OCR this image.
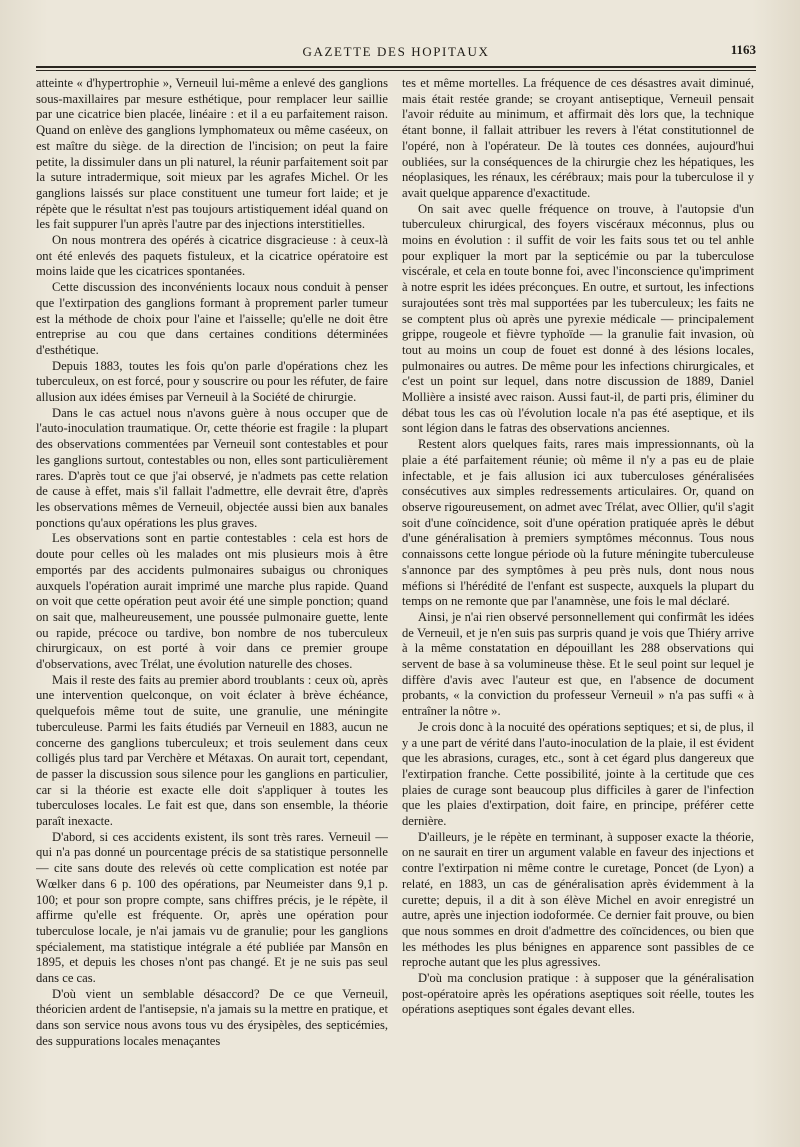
GAZETTE DES HOPITAUX	1163

atteinte « d'hypertrophie », Verneuil lui-même a enlevé des ganglions sous-maxillaires par mesure esthétique, pour remplacer leur saillie par une cicatrice bien placée, linéaire : et il a eu parfaitement raison. Quand on enlève des ganglions lymphomateux ou même caséeux, on est maître du siège. de la direction de l'incision; on peut la faire petite, la dissimuler dans un pli naturel, la réunir parfaitement soit par la suture intradermique, soit mieux par les agrafes Michel. Or les ganglions laissés sur place constituent une tumeur fort laide; et je répète que le résultat n'est pas toujours artistiquement idéal quand on les fait suppurer l'un après l'autre par des injections interstitielles.

On nous montrera des opérés à cicatrice disgracieuse : à ceux-là ont été enlevés des paquets fistuleux, et la cicatrice opératoire est moins laide que les cicatrices spontanées.

Cette discussion des inconvénients locaux nous conduit à penser que l'extirpation des ganglions formant à proprement parler tumeur est la méthode de choix pour l'aine et l'aisselle; qu'elle ne doit être entreprise au cou que dans certaines conditions déterminées d'esthétique.

Depuis 1883, toutes les fois qu'on parle d'opérations chez les tuberculeux, on est forcé, pour y souscrire ou pour les réfuter, de faire allusion aux idées émises par Verneuil à la Société de chirurgie.

Dans le cas actuel nous n'avons guère à nous occuper que de l'auto-inoculation traumatique. Or, cette théorie est fragile : la plupart des observations commentées par Verneuil sont contestables et pour les ganglions surtout, contestables ou non, elles sont particulièrement rares. D'après tout ce que j'ai observé, je n'admets pas cette relation de cause à effet, mais s'il fallait l'admettre, elle devrait être, d'après les observations mêmes de Verneuil, objectée aussi bien aux banales ponctions qu'aux opérations les plus graves.

Les observations sont en partie contestables : cela est hors de doute pour celles où les malades ont mis plusieurs mois à être emportés par des accidents pulmonaires subaigus ou chroniques auxquels l'opération aurait imprimé une marche plus rapide. Quand on voit que cette opération peut avoir été une simple ponction; quand on sait que, malheureusement, une poussée pulmonaire guette, lente ou rapide, précoce ou tardive, bon nombre de nos tuberculeux chirurgicaux, on est porté à voir dans ce premier groupe d'observations, avec Trélat, une évolution naturelle des choses.

Mais il reste des faits au premier abord troublants : ceux où, après une intervention quelconque, on voit éclater à brève échéance, quelquefois même tout de suite, une granulie, une méningite tuberculeuse. Parmi les faits étudiés par Verneuil en 1883, aucun ne concerne des ganglions tuberculeux; et trois seulement dans ceux colligés plus tard par Verchère et Métaxas. On aurait tort, cependant, de passer la discussion sous silence pour les ganglions en particulier, car si la théorie est exacte elle doit s'appliquer à toutes les tuberculoses locales. Le fait est que, dans son ensemble, la théorie paraît inexacte.

D'abord, si ces accidents existent, ils sont très rares. Verneuil — qui n'a pas donné un pourcentage précis de sa statistique personnelle — cite sans doute des relevés où cette complication est notée par Wœlker dans 6 p. 100 des opérations, par Neumeister dans 9,1 p. 100; et pour son propre compte, sans chiffres précis, je le répète, il affirme qu'elle est fréquente. Or, après une opération pour tuberculose locale, je n'ai jamais vu de granulie; pour les ganglions spécialement, ma statistique intégrale a été publiée par Mansôn en 1895, et depuis les choses n'ont pas changé. Et je ne suis pas seul dans ce cas.

D'où vient un semblable désaccord? De ce que Verneuil, théoricien ardent de l'antisepsie, n'a jamais su la mettre en pratique, et dans son service nous avons tous vu des érysipèles, des septicémies, des suppurations locales menaçantes

tes et même mortelles. La fréquence de ces désastres avait diminué, mais était restée grande; se croyant antiseptique, Verneuil pensait l'avoir réduite au minimum, et affirmait dès lors que, la technique étant bonne, il fallait attribuer les revers à l'état constitutionnel de l'opéré, non à l'opérateur. De là toutes ces données, aujourd'hui oubliées, sur la conséquences de la chirurgie chez les hépatiques, les néoplasiques, les rénaux, les cérébraux; mais pour la tuberculose il y avait quelque apparence d'exactitude.

On sait avec quelle fréquence on trouve, à l'autopsie d'un tuberculeux chirurgical, des foyers viscéraux méconnus, plus ou moins en évolution : il suffit de voir les faits sous tet ou tel anhle pour expliquer la mort par la septicémie ou par la tuberculose viscérale, et cela en toute bonne foi, avec l'inconscience qu'impriment à notre esprit les idées préconçues. En outre, et surtout, les infections surajoutées sont très mal supportées par les tuberculeux; les faits ne se comptent plus où après une pyrexie médicale — principalement grippe, rougeole et fièvre typhoïde — la granulie fait invasion, où tout au moins un coup de fouet est donné à des lésions locales, pulmonaires ou autres. De même pour les infections chirurgicales, et c'est un point sur lequel, dans notre discussion de 1889, Daniel Mollière a insisté avec raison. Aussi faut-il, de parti pris, éliminer du débat tous les cas où l'évolution locale n'a pas été aseptique, et ils sont légion dans le fatras des observations anciennes.

Restent alors quelques faits, rares mais impressionnants, où la plaie a été parfaitement réunie; où même il n'y a pas eu de plaie infectable, et je fais allusion ici aux tuberculoses généralisées consécutives aux simples redressements articulaires. Or, quand on observe rigoureusement, on admet avec Trélat, avec Ollier, qu'il s'agit soit d'une coïncidence, soit d'une opération pratiquée après le début d'une généralisation à premiers symptômes méconnus. Tous nous connaissons cette longue période où la future méningite tuberculeuse s'annonce par des symptômes à peu près nuls, dont nous nous méfions si l'hérédité de l'enfant est suspecte, auxquels la plupart du temps on ne remonte que par l'anamnèse, une fois le mal déclaré.

Ainsi, je n'ai rien observé personnellement qui confirmât les idées de Verneuil, et je n'en suis pas surpris quand je vois que Thiéry arrive à la même constatation en dépouillant les 288 observations qui servent de base à sa volumineuse thèse. Et le seul point sur lequel je diffère d'avis avec l'auteur est que, en l'absence de document probants, « la conviction du professeur Verneuil » n'a pas suffi « à entraîner la nôtre ».

Je crois donc à la nocuité des opérations septiques; et si, de plus, il y a une part de vérité dans l'auto-inoculation de la plaie, il est évident que les abrasions, curages, etc., sont à cet égard plus dangereux que l'extirpation franche. Cette possibilité, jointe à la certitude que ces plaies de curage sont beaucoup plus difficiles à garer de l'infection que les plaies d'extirpation, doit faire, en principe, préférer cette dernière.

D'ailleurs, je le répète en terminant, à supposer exacte la théorie, on ne saurait en tirer un argument valable en faveur des injections et contre l'extirpation ni même contre le curetage, Poncet (de Lyon) a relaté, en 1883, un cas de généralisation après évidemment à la curette; depuis, il a dit à son élève Michel en avoir enregistré un autre, après une injection iodoformée. Ce dernier fait prouve, ou bien que nous sommes en droit d'admettre des coïncidences, ou bien que les méthodes les plus bénignes en apparence sont passibles de ce reproche autant que les plus agressives.

D'où ma conclusion pratique : à supposer que la généralisation post-opératoire après les opérations aseptiques soit réelle, toutes les opérations aseptiques sont égales devant elles.
